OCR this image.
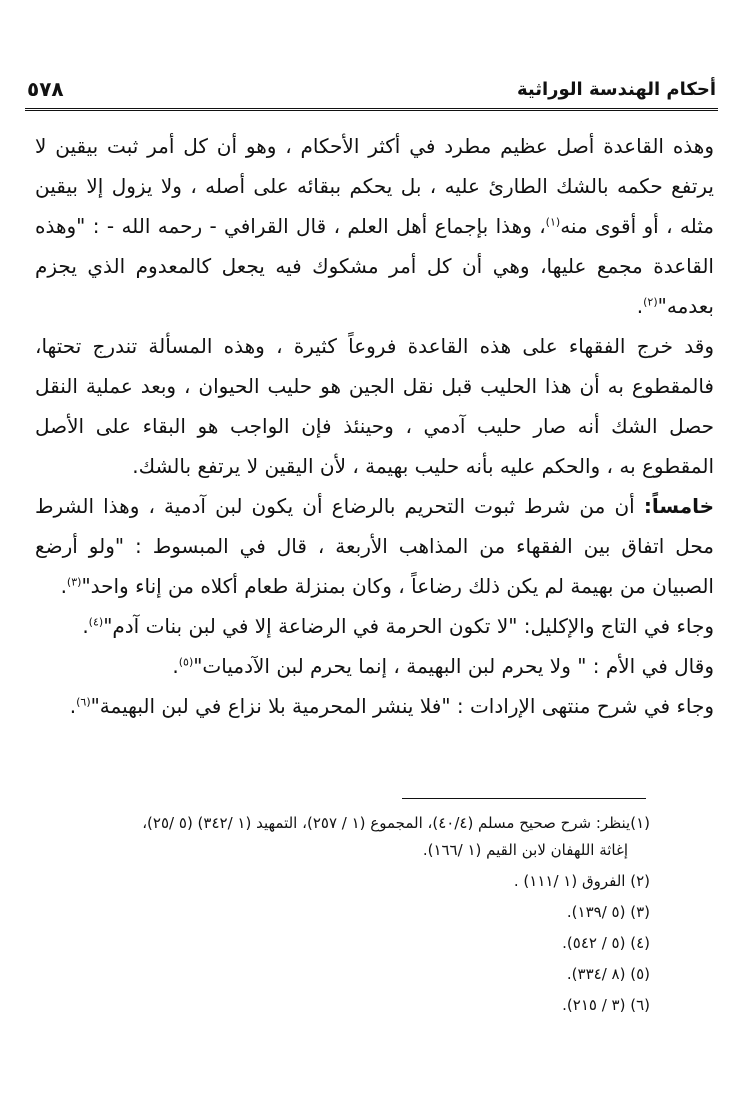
أحكام الهندسة الوراثية
٥٧٨

وهذه القاعدة أصل عظيم مطرد في أكثر الأحكام ، وهو أن كل أمر ثبت بيقين لا يرتفع حكمه بالشك الطارئ عليه ، بل يحكم ببقائه على أصله ، ولا يزول إلا بيقين مثله ، أو أقوى منه$^{(١)}$، وهذا بإجماع أهل العلم ، قال القرافي - رحمه الله - : "وهذه القاعدة مجمع عليها، وهي أن كل أمر مشكوك فيه يجعل كالمعدوم الذي يجزم بعدمه"$^{(٢)}$.

وقد خرج الفقهاء على هذه القاعدة فروعاً كثيرة ، وهذه المسألة تندرج تحتها، فالمقطوع به أن هذا الحليب قبل نقل الجين هو حليب الحيوان ، وبعد عملية النقل حصل الشك أنه صار حليب آدمي ، وحينئذ فإن الواجب هو البقاء على الأصل المقطوع به ، والحكم عليه بأنه حليب بهيمة ، لأن اليقين لا يرتفع بالشك.

خامساً: أن من شرط ثبوت التحريم بالرضاع أن يكون لبن آدمية ، وهذا الشرط محل اتفاق بين الفقهاء من المذاهب الأربعة ، قال في المبسوط : "ولو أرضع الصبيان من بهيمة لم يكن ذلك رضاعاً ، وكان بمنزلة طعام أكلاه من إناء واحد"$^{(٣)}$.

وجاء في التاج والإكليل: "لا تكون الحرمة في الرضاعة إلا في لبن بنات آدم"$^{(٤)}$.

وقال في الأم : " ولا يحرم لبن البهيمة ، إنما يحرم لبن الآدميات"$^{(٥)}$.

وجاء في شرح منتهى الإرادات : "فلا ينشر المحرمية بلا نزاع في لبن البهيمة"$^{(٦)}$.

(١)ينظر: شرح صحيح مسلم (٤٠/٤)، المجموع (١ / ٢٥٧)، التمهيد (١ /٣٤٢) (٥ /٢٥)،
إغاثة اللهفان لابن القيم (١ /١٦٦).
(٢) الفروق (١ /١١١) .
(٣) (٥ /١٣٩).
(٤) (٥ / ٥٤٢).
(٥) (٨ /٣٣٤).
(٦) (٣ / ٢١٥).
